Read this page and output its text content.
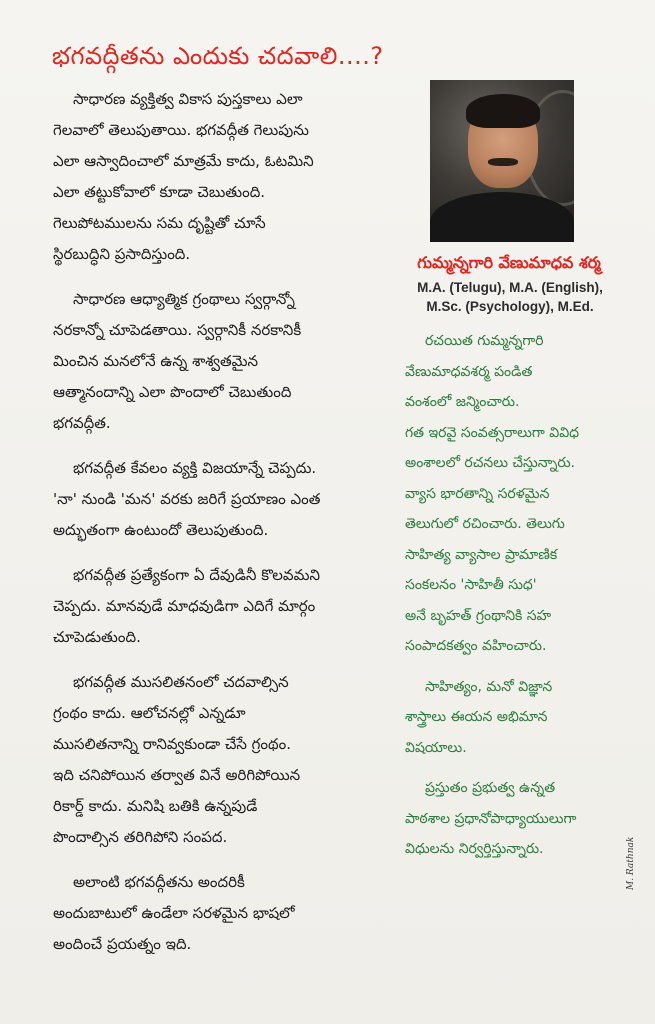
భగవద్గీతను ఎందుకు చదవాలి....?
సాధారణ వ్యక్తిత్వ వికాస పుస్తకాలు ఎలా
గెలవాలో తెలుపుతాయి. భగవద్గీత గెలుపును
ఎలా ఆస్వాదించాలో మాత్రమే కాదు, ఓటమిని
ఎలా తట్టుకోవాలో కూడా చెబుతుంది.
గెలుపోటములను సమ దృష్టితో చూసే
స్థిరబుద్ధిని ప్రసాదిస్తుంది.
సాధారణ ఆధ్యాత్మిక గ్రంథాలు స్వర్గాన్నో
నరకాన్నో చూపెడతాయి. స్వర్గానికీ నరకానికీ
మించిన మనలోనే ఉన్న శాశ్వతమైన
ఆత్మానందాన్ని ఎలా పొందాలో చెబుతుంది
భగవద్గీత.
భగవద్గీత కేవలం వ్యక్తి విజయాన్నే చెప్పదు.
'నా' నుండి 'మన' వరకు జరిగే ప్రయాణం ఎంత
అద్భుతంగా ఉంటుందో తెలుపుతుంది.
భగవద్గీత ప్రత్యేకంగా ఏ దేవుడినీ కొలవమని
చెప్పదు. మానవుడే మాధవుడిగా ఎదిగే మార్గం
చూపెడుతుంది.
భగవద్గీత ముసలితనంలో చదవాల్సిన
గ్రంథం కాదు. ఆలోచనల్లో ఎన్నడూ
ముసలితనాన్ని రానివ్వకుండా చేసే గ్రంథం.
ఇది చనిపోయిన తర్వాత వినే అరిగిపోయిన
రికార్డ్ కాదు. మనిషి బతికి ఉన్నపుడే
పొందాల్సిన తరిగిపోని సంపద.
అలాంటి భగవద్గీతను అందరికీ
అందుబాటులో ఉండేలా సరళమైన భాషలో
అందించే ప్రయత్నం ఇది.
గుమ్మన్నగారి వేణుమాధవ శర్మ
M.A. (Telugu), M.A. (English),
M.Sc. (Psychology), M.Ed.
రచయిత గుమ్మన్నగారి
వేణుమాధవశర్మ పండిత
వంశంలో జన్మించారు.
గత ఇరవై సంవత్సరాలుగా వివిధ
అంశాలలో రచనలు చేస్తున్నారు.
వ్యాస భారతాన్ని సరళమైన
తెలుగులో రచించారు. తెలుగు
సాహిత్య వ్యాసాల ప్రామాణిక
సంకలనం 'సాహితీ సుధ'
అనే బృహత్ గ్రంథానికి సహ
సంపాదకత్వం వహించారు.
సాహిత్యం, మనో విజ్ఞాన
శాస్త్రాలు ఈయన అభిమాన
విషయాలు.
ప్రస్తుతం ప్రభుత్వ ఉన్నత
పాఠశాల ప్రధానోపాధ్యాయులుగా
విధులను నిర్వర్తిస్తున్నారు.	M. Rathnak
